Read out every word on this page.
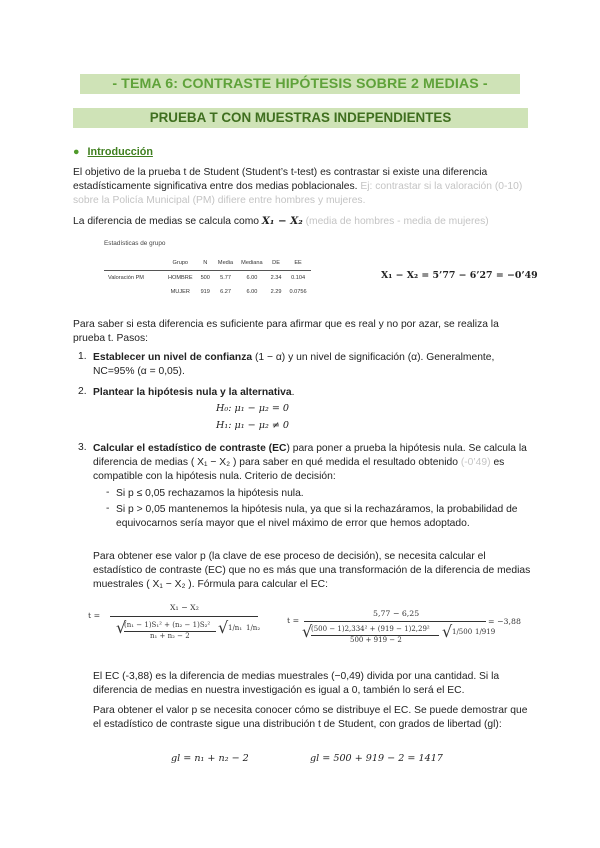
- TEMA 6: CONTRASTE HIPÓTESIS SOBRE 2 MEDIAS -
PRUEBA T CON MUESTRAS INDEPENDIENTES
● Introducción
El objetivo de la prueba t de Student (Student’s t-test) es contrastar si existe una diferencia estadísticamente significativa entre dos medias poblacionales. Ej: contrastar si la valoración (0-10) sobre la Policía Municipal (PM) difiere entre hombres y mujeres.
La diferencia de medias se calcula como X₁ − X₂ (media de hombres - media de mujeres)
Estadísticas de grupo
	Grupo	N	Media	Mediana	DE	EE
Valoración PM	HOMBRE	500	5.77	6.00	2.34	0.104
	MUJER	919	6.27	6.00	2.29	0.0756
X₁ − X₂ = 5’77 − 6’27 = −0’49
Para saber si esta diferencia es suficiente para afirmar que es real y no por azar, se realiza la prueba t. Pasos:
1. Establecer un nivel de confianza (1 − α) y un nivel de significación (α). Generalmente, NC=95% (α = 0,05).
2. Plantear la hipótesis nula y la alternativa.
H₀: μ₁ − μ₂ = 0
H₁: μ₁ − μ₂ ≠ 0
3. Calcular el estadístico de contraste (EC) para poner a prueba la hipótesis nula. Se calcula la diferencia de medias ( X₁ − X₂ ) para saber en qué medida el resultado obtenido (-0’49) es compatible con la hipótesis nula. Criterio de decisión:
- Si p ≤ 0,05 rechazamos la hipótesis nula.
- Si p > 0,05 mantenemos la hipótesis nula, ya que si la rechazáramos, la probabilidad de equivocarnos sería mayor que el nivel máximo de error que hemos adoptado.
Para obtener ese valor p (la clave de ese proceso de decisión), se necesita calcular el estadístico de contraste (EC) que no es más que una transformación de la diferencia de medias muestrales ( X₁ − X₂ ). Fórmula para calcular el EC:
t =
X₁ − X₂
√
(n₁ − 1)S₁² + (n₂ − 1)S₂²
n₁ + n₂ − 2 √ 1/n₁ 1/n₂
t =
5,77 − 6,25
√
(500 − 1)2,334² + (919 − 1)2,29²
500 + 919 − 2	√ 1/500 1/919
= −3,88
El EC (-3,88) es la diferencia de medias muestrales (−0,49) divida por una cantidad. Si la diferencia de medias en nuestra investigación es igual a 0, también lo será el EC.
Para obtener el valor p se necesita conocer cómo se distribuye el EC. Se puede demostrar que el estadístico de contraste sigue una distribución t de Student, con grados de libertad (gl):
gl = n₁ + n₂ − 2	gl = 500 + 919 − 2 = 1417
